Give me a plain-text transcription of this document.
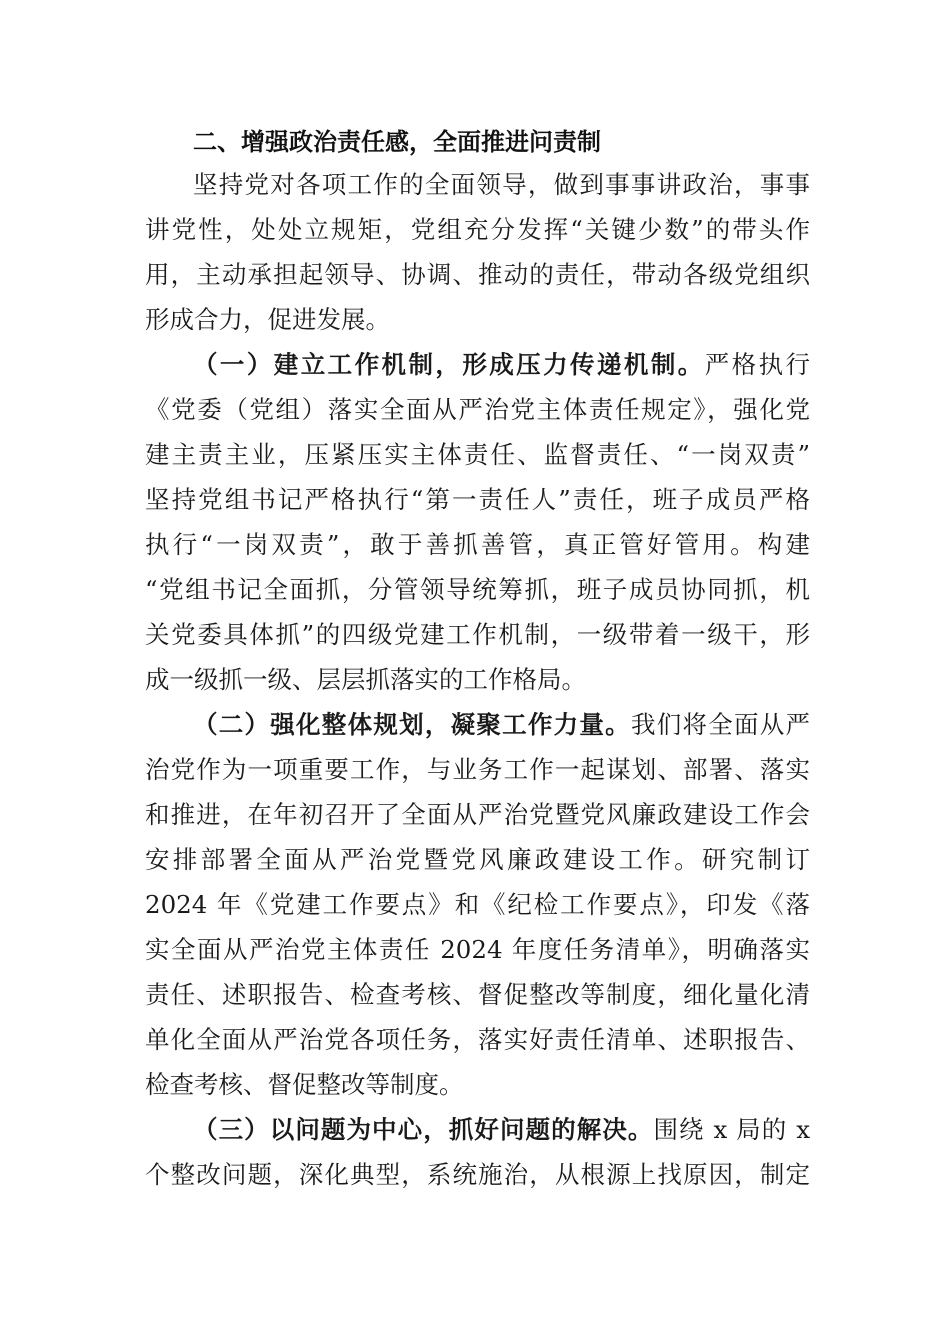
二、增强政治责任感，全面推进问责制
坚持党对各项工作的全面领导，做到事事讲政治，事事
讲党性，处处立规矩，党组充分发挥“关键少数”的带头作
用，主动承担起领导、协调、推动的责任，带动各级党组织
形成合力，促进发展。
（一）建立工作机制，形成压力传递机制。严格执行
《党委（党组）落实全面从严治党主体责任规定》，强化党
建主责主业，压紧压实主体责任、监督责任、“一岗双责”
坚持党组书记严格执行“第一责任人”责任，班子成员严格
执行“一岗双责”，敢于善抓善管，真正管好管用。构建
“党组书记全面抓，分管领导统筹抓，班子成员协同抓，机
关党委具体抓”的四级党建工作机制，一级带着一级干，形
成一级抓一级、层层抓落实的工作格局。
（二）强化整体规划，凝聚工作力量。我们将全面从严
治党作为一项重要工作，与业务工作一起谋划、部署、落实
和推进，在年初召开了全面从严治党暨党风廉政建设工作会
安排部署全面从严治党暨党风廉政建设工作。研究制订
2024 年《党建工作要点》和《纪检工作要点》，印发《落
实全面从严治党主体责任 2024 年度任务清单》，明确落实
责任、述职报告、检查考核、督促整改等制度，细化量化清
单化全面从严治党各项任务，落实好责任清单、述职报告、
检查考核、督促整改等制度。
（三）以问题为中心，抓好问题的解决。围绕 x 局的 x
个整改问题，深化典型，系统施治，从根源上找原因，制定
